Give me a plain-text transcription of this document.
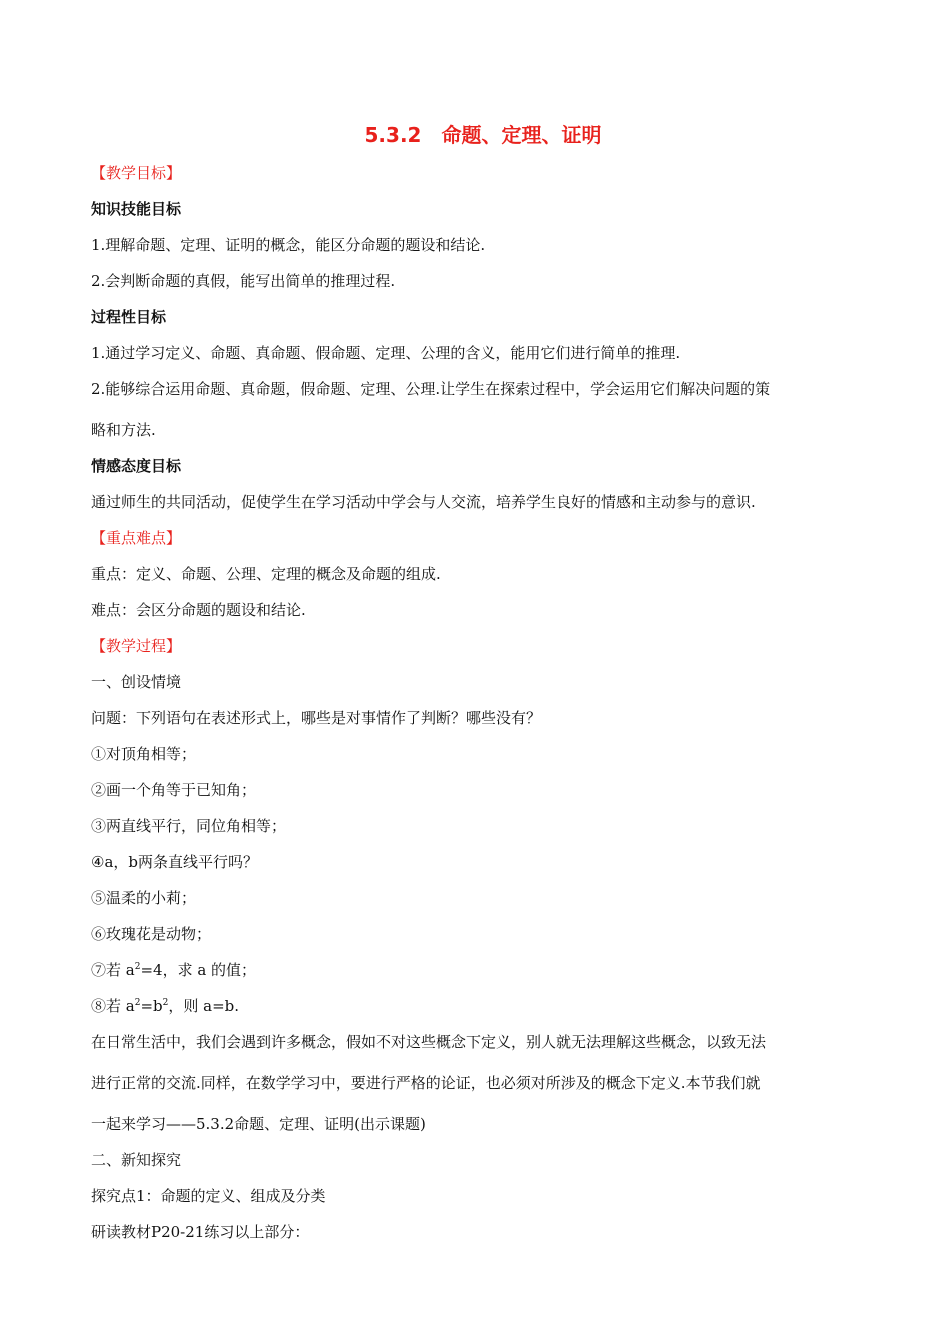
5.3.2　命题、定理、证明
【教学目标】
知识技能目标
1.理解命题、定理、证明的概念，能区分命题的题设和结论.
2.会判断命题的真假，能写出简单的推理过程.
过程性目标
1.通过学习定义、命题、真命题、假命题、定理、公理的含义，能用它们进行简单的推理.
2.能够综合运用命题、真命题，假命题、定理、公理.让学生在探索过程中，学会运用它们解决问题的策
略和方法.
情感态度目标
通过师生的共同活动，促使学生在学习活动中学会与人交流，培养学生良好的情感和主动参与的意识.
【重点难点】
重点：定义、命题、公理、定理的概念及命题的组成.
难点：会区分命题的题设和结论.
【教学过程】
一、创设情境
问题：下列语句在表述形式上，哪些是对事情作了判断？哪些没有？
①对顶角相等；
②画一个角等于已知角；
③两直线平行，同位角相等；
④a，b两条直线平行吗？
⑤温柔的小莉；
⑥玫瑰花是动物；
⑦若 $a^2=4$，求 a 的值；
⑧若 $a^2=b^2$，则 a=b.
在日常生活中，我们会遇到许多概念，假如不对这些概念下定义，别人就无法理解这些概念，以致无法
进行正常的交流.同样，在数学学习中，要进行严格的论证，也必须对所涉及的概念下定义.本节我们就
一起来学习——5.3.2命题、定理、证明(出示课题)
二、新知探究
探究点1：命题的定义、组成及分类
研读教材P20-21练习以上部分：
